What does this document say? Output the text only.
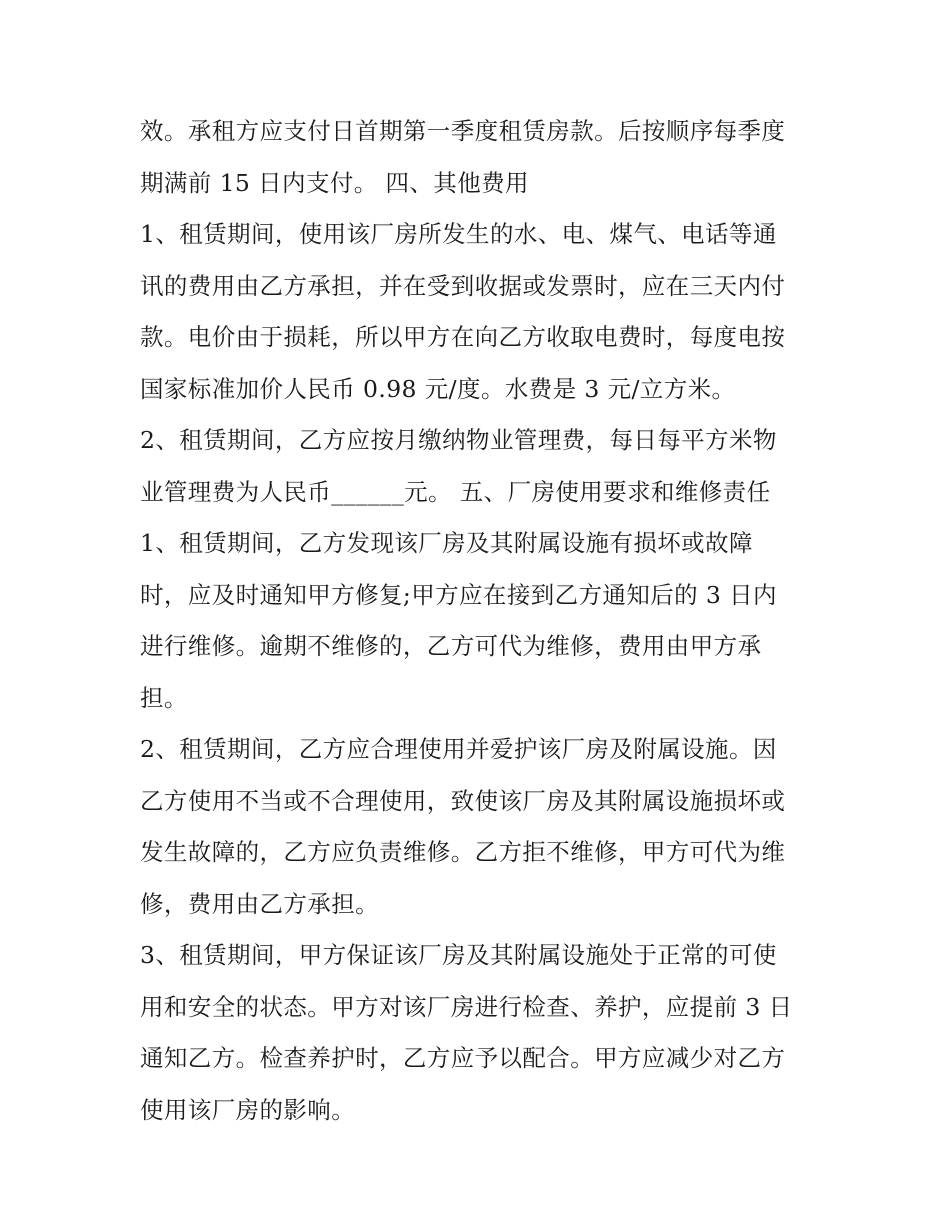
效。承租方应支付日首期第一季度租赁房款。后按顺序每季度
期满前 15 日内支付。 四、其他费用
1、租赁期间，使用该厂房所发生的水、电、煤气、电话等通
讯的费用由乙方承担，并在受到收据或发票时，应在三天内付
款。电价由于损耗，所以甲方在向乙方收取电费时，每度电按
国家标准加价人民币 0.98 元/度。水费是 3 元/立方米。
2、租赁期间，乙方应按月缴纳物业管理费，每日每平方米物
业管理费为人民币______元。 五、厂房使用要求和维修责任
1、租赁期间，乙方发现该厂房及其附属设施有损坏或故障
时，应及时通知甲方修复;甲方应在接到乙方通知后的 3 日内
进行维修。逾期不维修的，乙方可代为维修，费用由甲方承
担。
2、租赁期间，乙方应合理使用并爱护该厂房及附属设施。因
乙方使用不当或不合理使用，致使该厂房及其附属设施损坏或
发生故障的，乙方应负责维修。乙方拒不维修，甲方可代为维
修，费用由乙方承担。
3、租赁期间，甲方保证该厂房及其附属设施处于正常的可使
用和安全的状态。甲方对该厂房进行检查、养护，应提前 3 日
通知乙方。检查养护时，乙方应予以配合。甲方应减少对乙方
使用该厂房的影响。
